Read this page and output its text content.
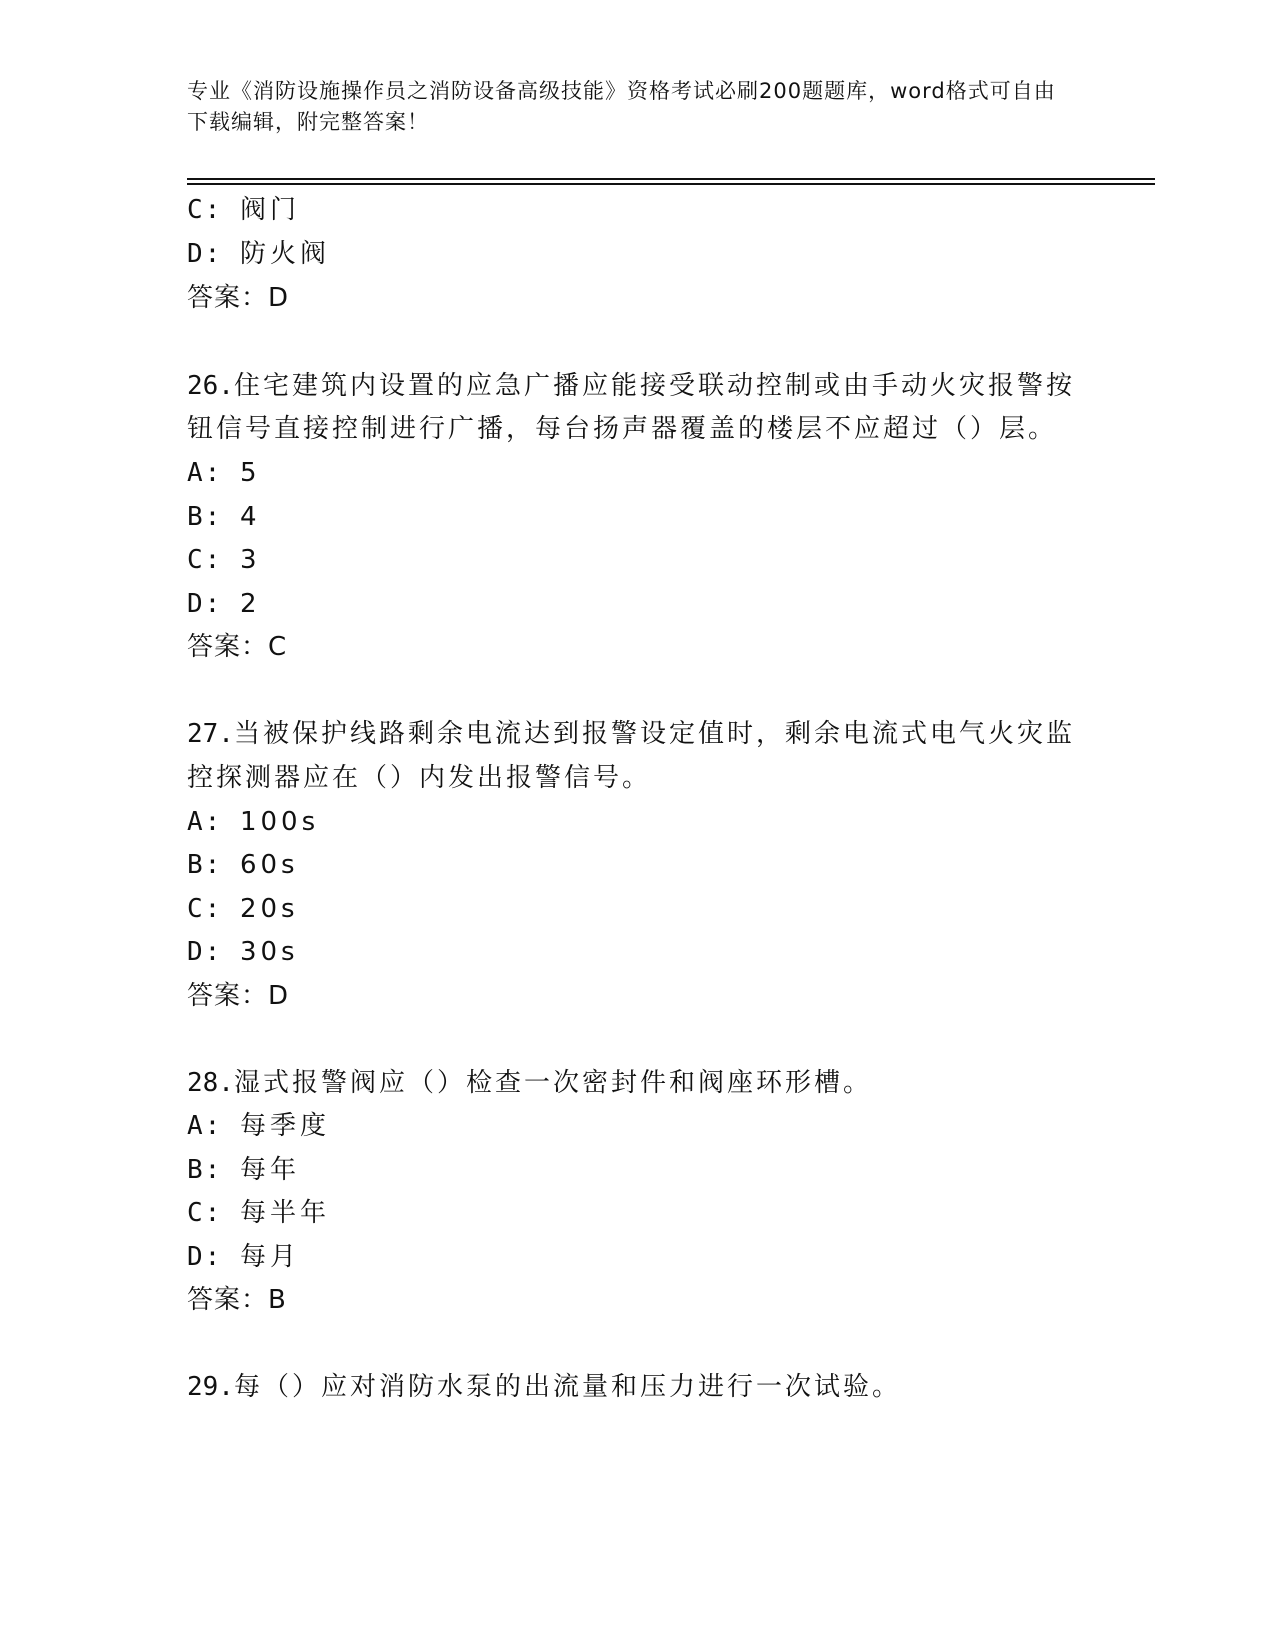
专业《消防设施操作员之消防设备高级技能》资格考试必刷200题题库，word格式可自由下载编辑，附完整答案！
C: 阀门
D: 防火阀
答案：D
26.住宅建筑内设置的应急广播应能接受联动控制或由手动火灾报警按
钮信号直接控制进行广播，每台扬声器覆盖的楼层不应超过（）层。
A: 5
B: 4
C: 3
D: 2
答案：C
27.当被保护线路剩余电流达到报警设定值时，剩余电流式电气火灾监
控探测器应在（）内发出报警信号。
A: 100s
B: 60s
C: 20s
D: 30s
答案：D
28.湿式报警阀应（）检查一次密封件和阀座环形槽。
A: 每季度
B: 每年
C: 每半年
D: 每月
答案：B
29.每（）应对消防水泵的出流量和压力进行一次试验。
